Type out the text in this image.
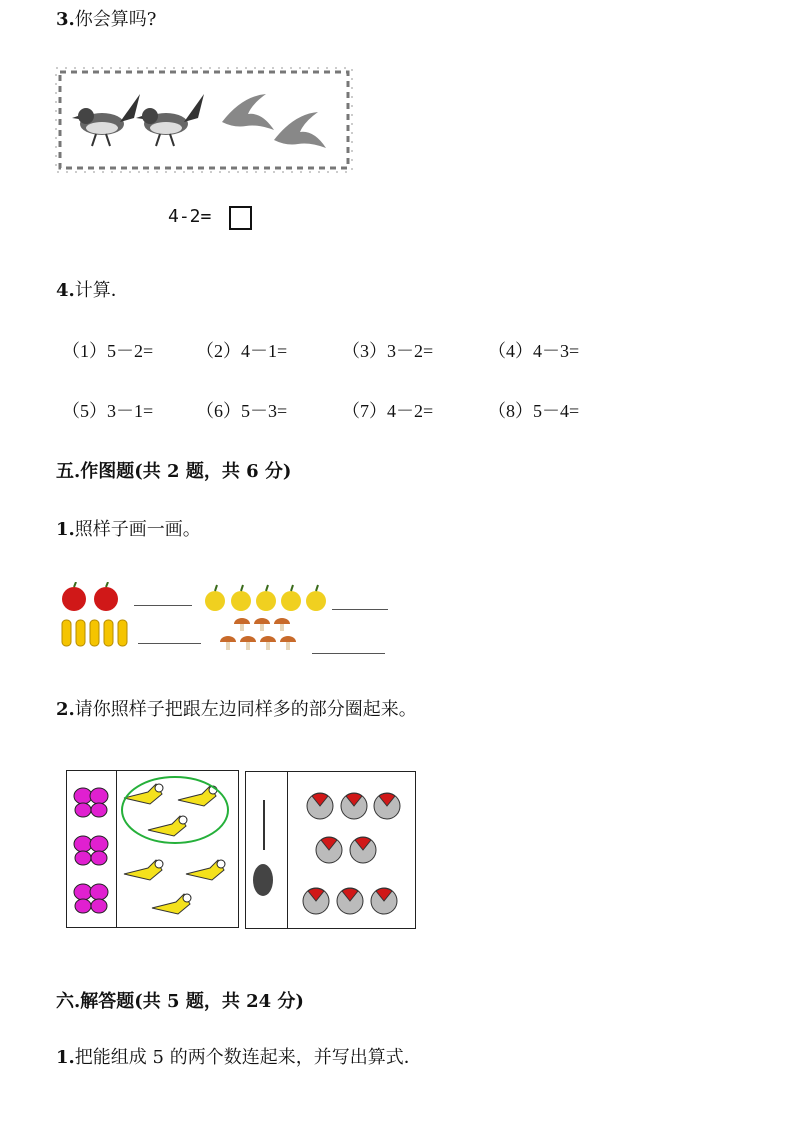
3.你会算吗?
4-2=
4.计算．
（1）5－2= （2）4－1=	（3）3－2=	（4）4－3=
（5）3－1= （6）5－3=	（7）4－2=	（8）5－4=
五.作图题(共 2 题，共 6 分)
1.照样子画一画。
2.请你照样子把跟左边同样多的部分圈起来。
六.解答题(共 5 题，共 24 分)
1.把能组成 5 的两个数连起来，并写出算式．
